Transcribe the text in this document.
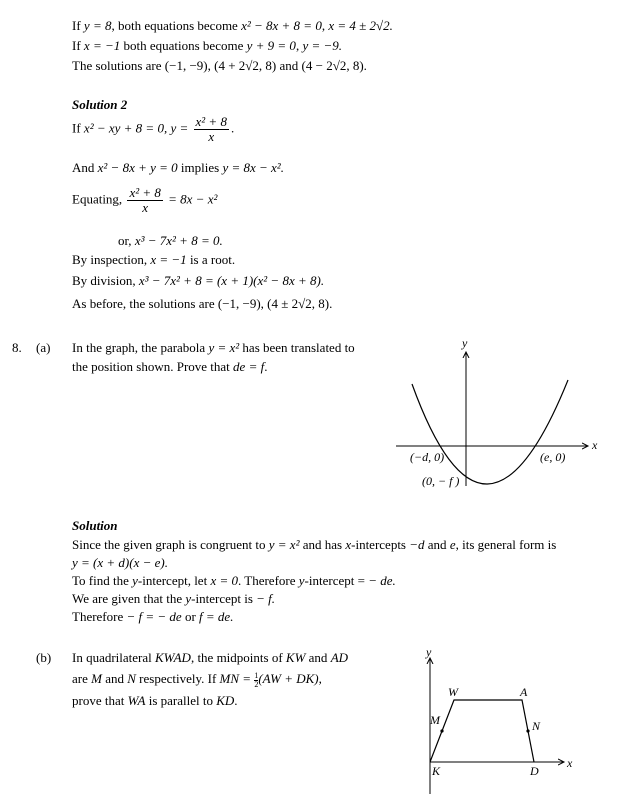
If y = 8, both equations become x² − 8x + 8 = 0, x = 4 ± 2√2.
If x = −1 both equations become y + 9 = 0, y = −9.
The solutions are (−1, −9), (4 + 2√2, 8) and (4 − 2√2, 8).
Solution 2
If x² − xy + 8 = 0, $y = \frac{\text{x² + 8}}{x}$ .
And x² − 8x + y = 0 implies y = 8x − x².
Equating, $\frac{\text{x² + 8}}{x} = 8x - x^2$
or, x³ − 7x² + 8 = 0.
By inspection, x = −1 is a root.
By division, x³ − 7x² + 8 = (x + 1)(x² − 8x + 8).
As before, the solutions are (−1, −9), (4 ± 2√2, 8).
8. (a) In the graph, the parabola y = x² has been translated to
the position shown. Prove that de = f.
y
x
(−d, 0)	(e, 0)
(0, − f )
Solution
Since the given graph is congruent to y = x² and has x-intercepts −d and e, its general form is
y = (x + d)(x − e).
To find the y-intercept, let x = 0. Therefore y-intercept = − de.
We are given that the y-intercept is − f.
Therefore − f = − de or f = de.
(b) In quadrilateral KWAD, the midpoints of KW and AD
are M and N respectively. If MN = $\frac{1}{2} (AW + DK)$,
prove that WA is parallel to KD.
y
x
W	A
M	N
K	D
